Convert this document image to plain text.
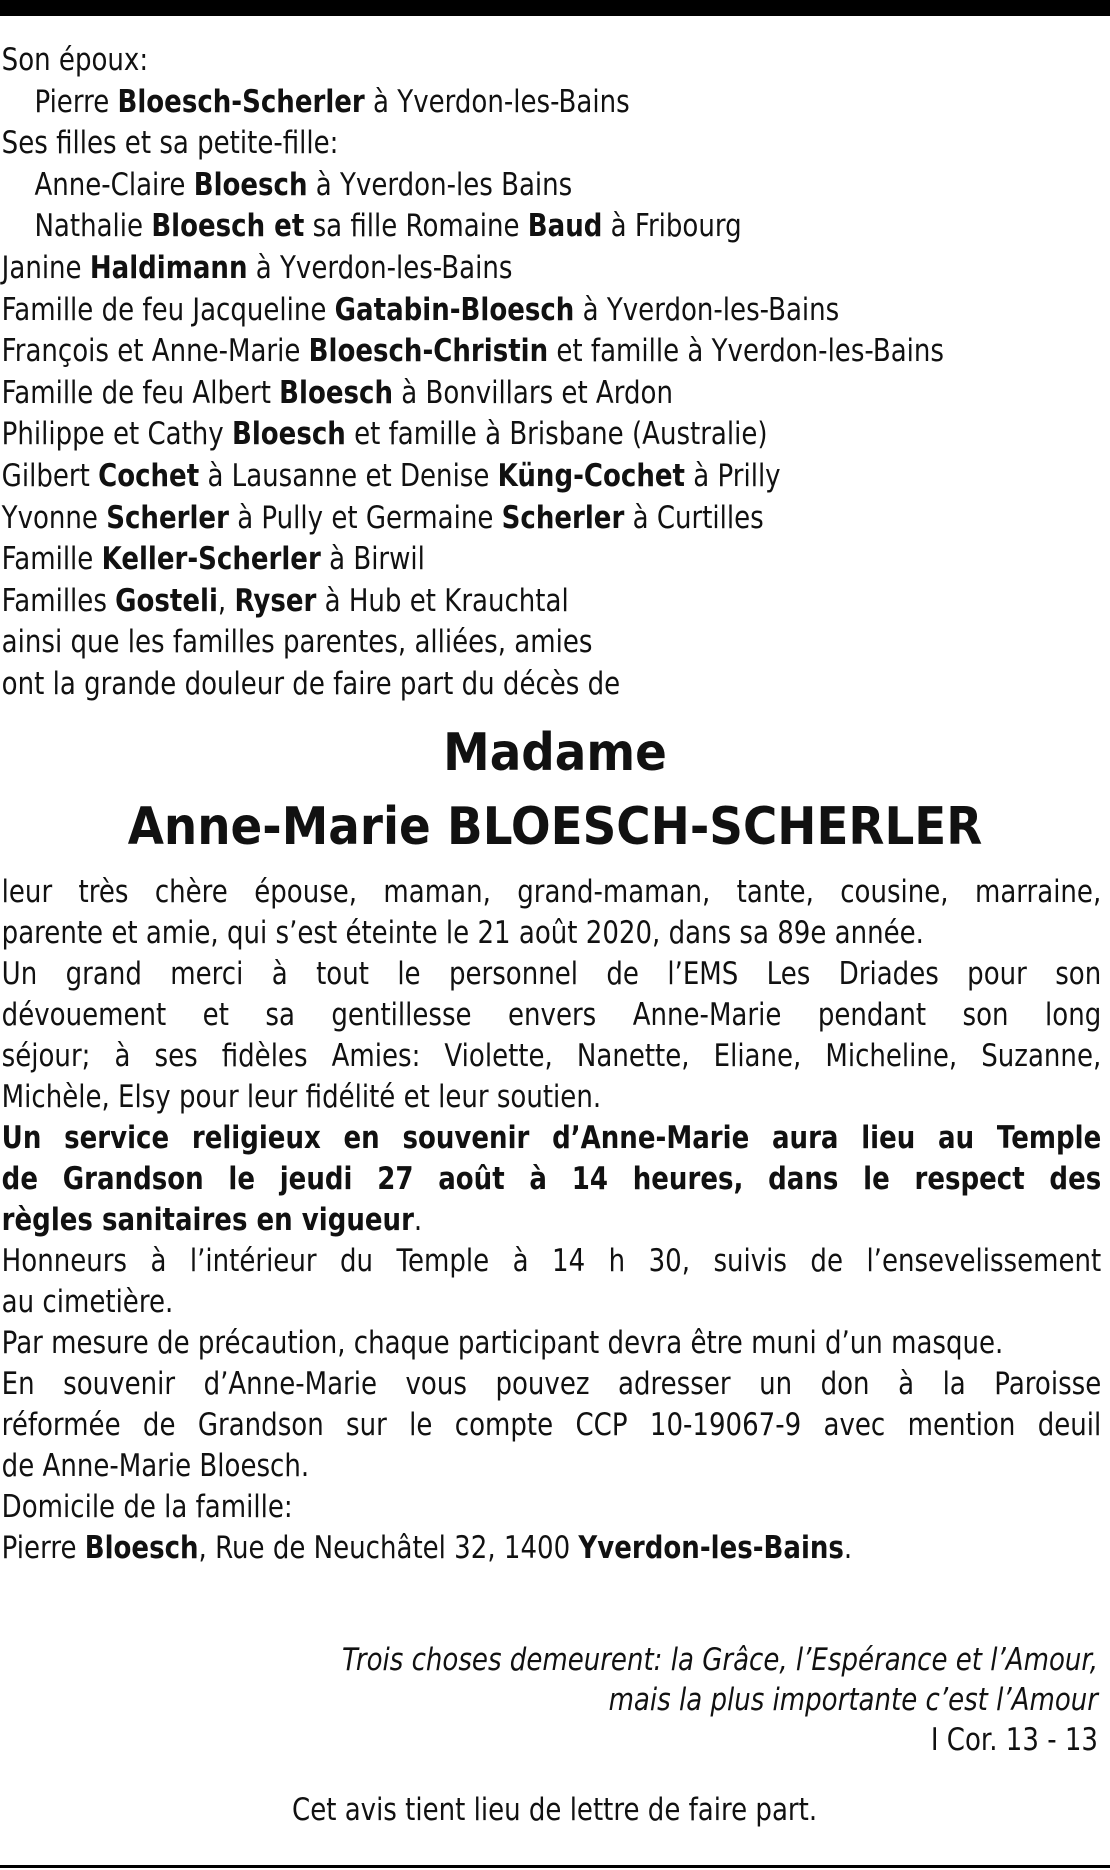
Son époux:
Pierre Bloesch-Scherler à Yverdon-les-Bains
Ses filles et sa petite-fille:
Anne-Claire Bloesch à Yverdon-les Bains
Nathalie Bloesch et sa fille Romaine Baud à Fribourg
Janine Haldimann à Yverdon-les-Bains
Famille de feu Jacqueline Gatabin-Bloesch à Yverdon-les-Bains
François et Anne-Marie Bloesch-Christin et famille à Yverdon-les-Bains
Famille de feu Albert Bloesch à Bonvillars et Ardon
Philippe et Cathy Bloesch et famille à Brisbane (Australie)
Gilbert Cochet à Lausanne et Denise Küng-Cochet à Prilly
Yvonne Scherler à Pully et Germaine Scherler à Curtilles
Famille Keller-Scherler à Birwil
Familles Gosteli, Ryser à Hub et Krauchtal
ainsi que les familles parentes, alliées, amies
ont la grande douleur de faire part du décès de
Madame
Anne-Marie BLOESCH-SCHERLER
leur très chère épouse, maman, grand-maman, tante, cousine, marraine,
parente et amie, qui s’est éteinte le 21 août 2020, dans sa 89e année.
Un grand merci à tout le personnel de l’EMS Les Driades pour son
dévouement et sa gentillesse envers Anne-Marie pendant son long
séjour; à ses fidèles Amies: Violette, Nanette, Eliane, Micheline, Suzanne,
Michèle, Elsy pour leur fidélité et leur soutien.
Un service religieux en souvenir d’Anne-Marie aura lieu au Temple
de Grandson le jeudi 27 août à 14 heures, dans le respect des
règles sanitaires en vigueur.
Honneurs à l’intérieur du Temple à 14 h 30, suivis de l’ensevelissement
au cimetière.
Par mesure de précaution, chaque participant devra être muni d’un masque.
En souvenir d’Anne-Marie vous pouvez adresser un don à la Paroisse
réformée de Grandson sur le compte CCP 10-19067-9 avec mention deuil
de Anne-Marie Bloesch.
Domicile de la famille:
Pierre Bloesch, Rue de Neuchâtel 32, 1400 Yverdon-les-Bains.
Trois choses demeurent: la Grâce, l’Espérance et l’Amour,
mais la plus importante c’est l’Amour
I Cor. 13 - 13
Cet avis tient lieu de lettre de faire part.
